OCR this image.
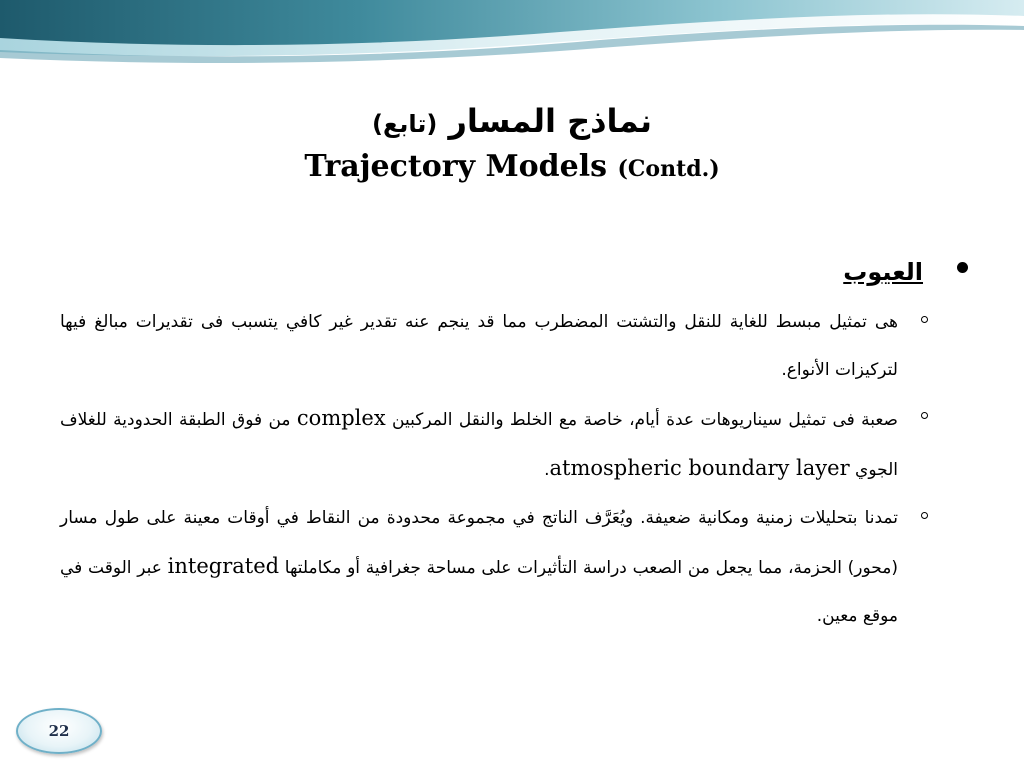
نماذج المسار (تابع)

Trajectory Models (Contd.)

العيوب

هى تمثيل مبسط للغاية للنقل والتشتت المضطرب مما قد ينجم عنه تقدير غير كافي يتسبب فى تقديرات مبالغ فيها لتركيزات الأنواع.

صعبة فى تمثيل سيناريوهات عدة أيام، خاصة مع الخلط والنقل المركبين complex من فوق الطبقة الحدودية للغلاف الجوي atmospheric boundary layer.

تمدنا بتحليلات زمنية ومكانية ضعيفة. ويُعَرَّف الناتج في مجموعة محدودة من النقاط في أوقات معينة على طول مسار (محور) الحزمة، مما يجعل من الصعب دراسة التأثيرات على مساحة جغرافية أو مكاملتها integrated عبر الوقت في موقع معين.

22
